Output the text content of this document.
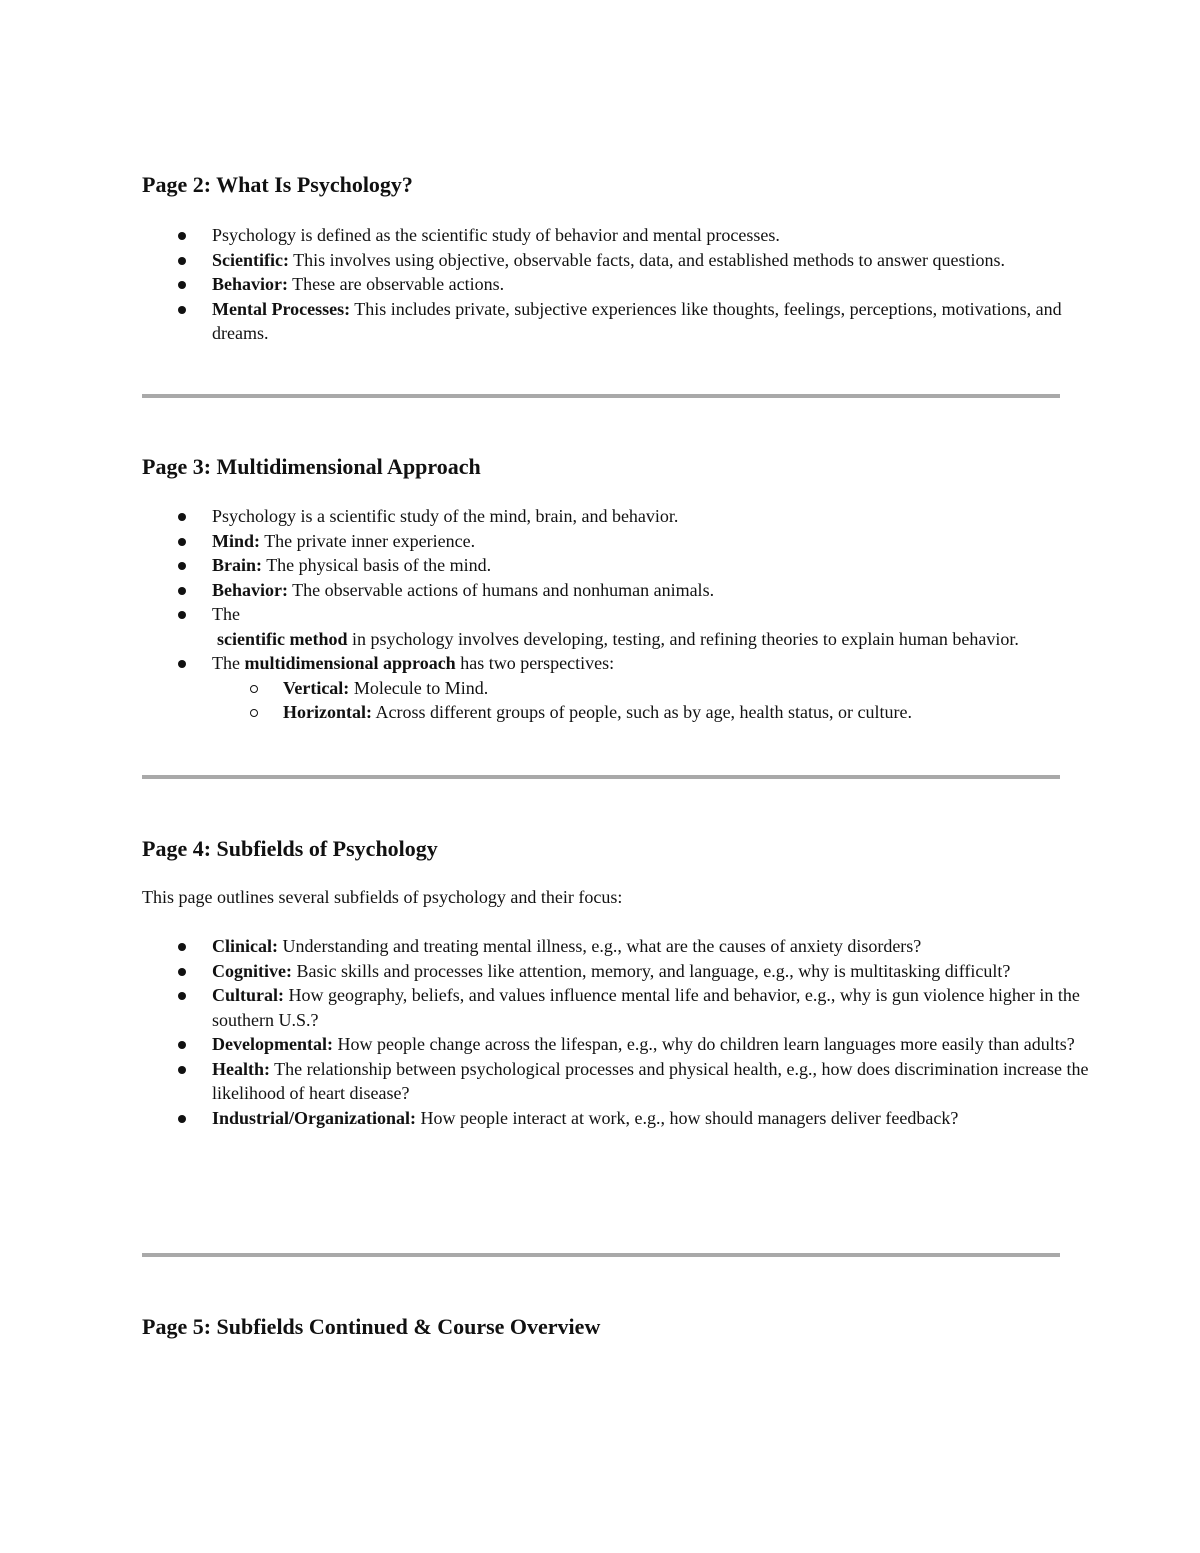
Page 2: What Is Psychology?
Psychology is defined as the scientific study of behavior and mental processes.
Scientific: This involves using objective, observable facts, data, and established methods to answer questions.
Behavior: These are observable actions.
Mental Processes: This includes private, subjective experiences like thoughts, feelings, perceptions, motivations, and dreams.
Page 3: Multidimensional Approach
Psychology is a scientific study of the mind, brain, and behavior.
Mind: The private inner experience.
Brain: The physical basis of the mind.
Behavior: The observable actions of humans and nonhuman animals.
The
scientific method in psychology involves developing, testing, and refining theories to explain human behavior.
The multidimensional approach has two perspectives:
Vertical: Molecule to Mind.
Horizontal: Across different groups of people, such as by age, health status, or culture.
Page 4: Subfields of Psychology

This page outlines several subfields of psychology and their focus:

Clinical: Understanding and treating mental illness, e.g., what are the causes of anxiety disorders?
Cognitive: Basic skills and processes like attention, memory, and language, e.g., why is multitasking difficult?
Cultural: How geography, beliefs, and values influence mental life and behavior, e.g., why is gun violence higher in the southern U.S.?
Developmental: How people change across the lifespan, e.g., why do children learn languages more easily than adults?
Health: The relationship between psychological processes and physical health, e.g., how does discrimination increase the likelihood of heart disease?
Industrial/Organizational: How people interact at work, e.g., how should managers deliver feedback?
Page 5: Subfields Continued & Course Overview
